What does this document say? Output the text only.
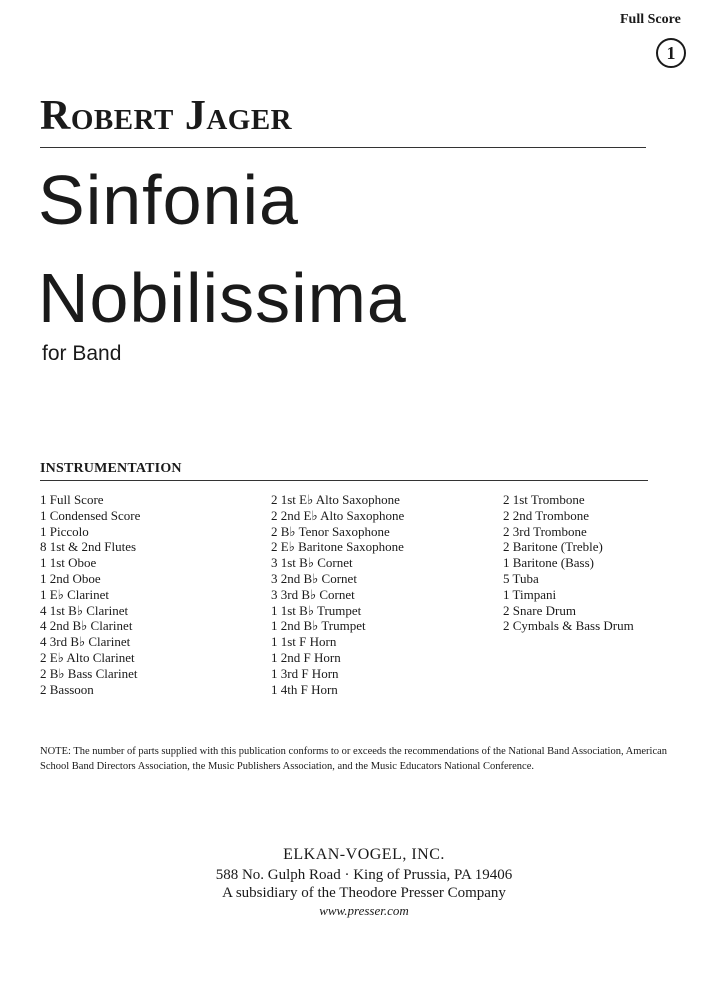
Full Score
1
Robert Jager
Sinfonia
Nobilissima
for Band
INSTRUMENTATION
1 Full Score
1 Condensed Score
1 Piccolo
8 1st & 2nd Flutes
1 1st Oboe
1 2nd Oboe
1 E♭ Clarinet
4 1st B♭ Clarinet
4 2nd B♭ Clarinet
4 3rd B♭ Clarinet
2 E♭ Alto Clarinet
2 B♭ Bass Clarinet
2 Bassoon
2 1st E♭ Alto Saxophone
2 2nd E♭ Alto Saxophone
2 B♭ Tenor Saxophone
2 E♭ Baritone Saxophone
3 1st B♭ Cornet
3 2nd B♭ Cornet
3 3rd B♭ Cornet
1 1st B♭ Trumpet
1 2nd B♭ Trumpet
1 1st F Horn
1 2nd F Horn
1 3rd F Horn
1 4th F Horn
2 1st Trombone
2 2nd Trombone
2 3rd Trombone
2 Baritone (Treble)
1 Baritone (Bass)
5 Tuba
1 Timpani
2 Snare Drum
2 Cymbals & Bass Drum
NOTE: The number of parts supplied with this publication conforms to or exceeds the recommendations of the National Band Association, American School Band Directors Association, the Music Publishers Association, and the Music Educators National Conference.
ELKAN-VOGEL, INC.
588 No. Gulph Road · King of Prussia, PA 19406
A subsidiary of the Theodore Presser Company
www.presser.com
